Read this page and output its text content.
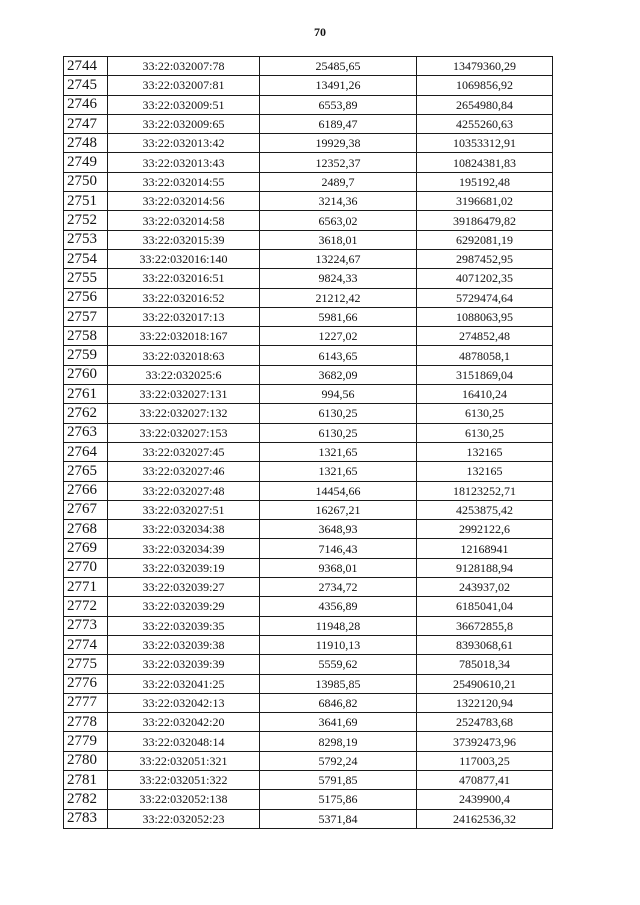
70
2744	33:22:032007:78	25485,65	13479360,29
2745	33:22:032007:81	13491,26	1069856,92
2746	33:22:032009:51	6553,89	2654980,84
2747	33:22:032009:65	6189,47	4255260,63
2748	33:22:032013:42	19929,38	10353312,91
2749	33:22:032013:43	12352,37	10824381,83
2750	33:22:032014:55	2489,7	195192,48
2751	33:22:032014:56	3214,36	3196681,02
2752	33:22:032014:58	6563,02	39186479,82
2753	33:22:032015:39	3618,01	6292081,19
2754	33:22:032016:140	13224,67	2987452,95
2755	33:22:032016:51	9824,33	4071202,35
2756	33:22:032016:52	21212,42	5729474,64
2757	33:22:032017:13	5981,66	1088063,95
2758	33:22:032018:167	1227,02	274852,48
2759	33:22:032018:63	6143,65	4878058,1
2760	33:22:032025:6	3682,09	3151869,04
2761	33:22:032027:131	994,56	16410,24
2762	33:22:032027:132	6130,25	6130,25
2763	33:22:032027:153	6130,25	6130,25
2764	33:22:032027:45	1321,65	132165
2765	33:22:032027:46	1321,65	132165
2766	33:22:032027:48	14454,66	18123252,71
2767	33:22:032027:51	16267,21	4253875,42
2768	33:22:032034:38	3648,93	2992122,6
2769	33:22:032034:39	7146,43	12168941
2770	33:22:032039:19	9368,01	9128188,94
2771	33:22:032039:27	2734,72	243937,02
2772	33:22:032039:29	4356,89	6185041,04
2773	33:22:032039:35	11948,28	36672855,8
2774	33:22:032039:38	11910,13	8393068,61
2775	33:22:032039:39	5559,62	785018,34
2776	33:22:032041:25	13985,85	25490610,21
2777	33:22:032042:13	6846,82	1322120,94
2778	33:22:032042:20	3641,69	2524783,68
2779	33:22:032048:14	8298,19	37392473,96
2780	33:22:032051:321	5792,24	117003,25
2781	33:22:032051:322	5791,85	470877,41
2782	33:22:032052:138	5175,86	2439900,4
2783	33:22:032052:23	5371,84	24162536,32
